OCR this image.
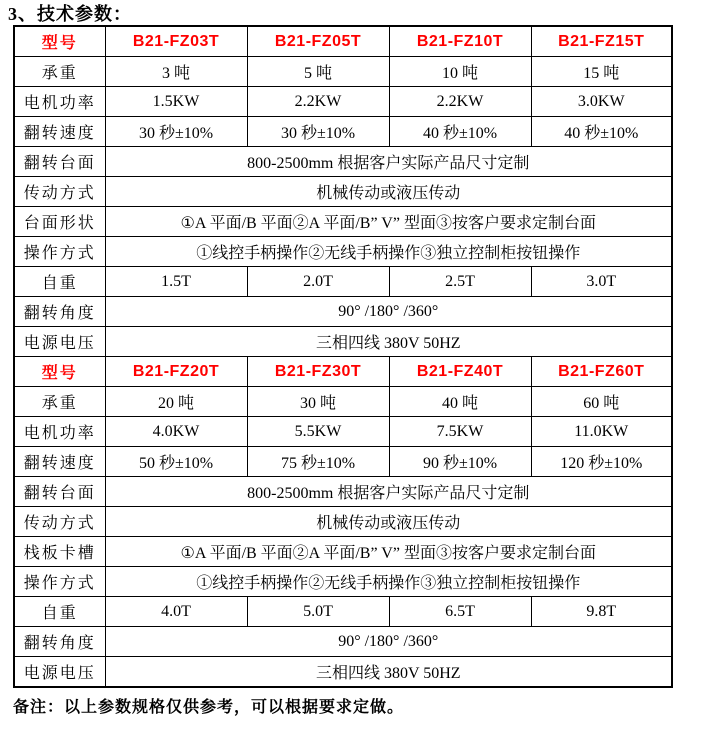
3、技术参数：
型号	B21-FZ03T	B21-FZ05T	B21-FZ10T	B21-FZ15T
承重	3 吨	5 吨	10 吨	15 吨
电机功率	1.5KW	2.2KW	2.2KW	3.0KW
翻转速度	30 秒±10%	30 秒±10%	40 秒±10%	40 秒±10%
翻转台面	800-2500mm 根据客户实际产品尺寸定制			
传动方式	机械传动或液压传动			
台面形状	①A 平面/B 平面②A 平面/B” V” 型面③按客户要求定制台面			
操作方式	①线控手柄操作②无线手柄操作③独立控制柜按钮操作			
自重	1.5T	2.0T	2.5T	3.0T
翻转角度	90° /180° /360°			
电源电压	三相四线 380V 50HZ			
型号	B21-FZ20T	B21-FZ30T	B21-FZ40T	B21-FZ60T
承重	20 吨	30 吨	40 吨	60 吨
电机功率	4.0KW	5.5KW	7.5KW	11.0KW
翻转速度	50 秒±10%	75 秒±10%	90 秒±10%	120 秒±10%
翻转台面	800-2500mm 根据客户实际产品尺寸定制			
传动方式	机械传动或液压传动			
栈板卡槽	①A 平面/B 平面②A 平面/B” V” 型面③按客户要求定制台面			
操作方式	①线控手柄操作②无线手柄操作③独立控制柜按钮操作			
自重	4.0T	5.0T	6.5T	9.8T
翻转角度	90° /180° /360°			
电源电压	三相四线 380V 50HZ			

备注：以上参数规格仅供参考，可以根据要求定做。
